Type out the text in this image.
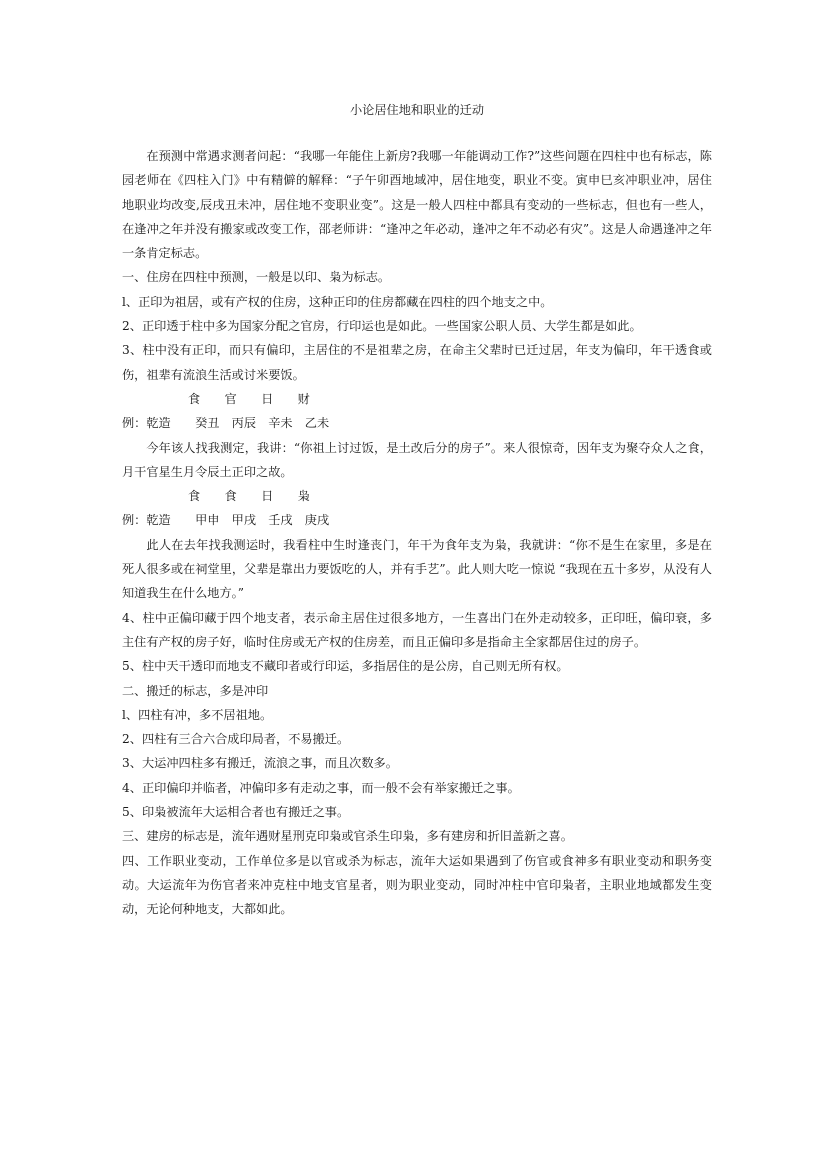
小论居住地和职业的迁动

在预测中常遇求测者问起：“我哪一年能住上新房?我哪一年能调动工作?”这些问题在四柱中也有标志，陈园老师在《四柱入门》中有精僻的解释：“子午卯酉地域冲，居住地变，职业不变。寅申巳亥冲职业冲，居住地职业均改变,辰戌丑未冲，居住地不变职业变”。这是一般人四柱中都具有变动的一些标志，但也有一些人，在逢冲之年并没有搬家或改变工作，邵老师讲：“逢冲之年必动，逢冲之年不动必有灾”。这是人命遇逢冲之年一条肯定标志。

一、住房在四柱中预测，一般是以印、枭为标志。

l、正印为祖居，或有产权的住房，这种正印的住房都藏在四柱的四个地支之中。

2、正印透于柱中多为国家分配之官房，行印运也是如此。一些国家公职人员、大学生都是如此。

3、柱中没有正印，而只有偏印，主居住的不是祖辈之房，在命主父辈时已迁过居，年支为偏印，年干透食或伤，祖辈有流浪生活或讨米要饭。

食　　官　　日　　财

例：乾造　　癸丑　丙辰　辛未　乙未

今年该人找我测定，我讲：“你祖上讨过饭，是土改后分的房子”。来人很惊奇，因年支为聚夺众人之食，月干官星生月令辰土正印之故。

食　　食　　日　　枭

例：乾造　　甲申　甲戌　壬戌　庚戌

此人在去年找我测运时，我看柱中生时逢丧门，年干为食年支为枭，我就讲：“你不是生在家里，多是在死人很多或在祠堂里，父辈是靠出力要饭吃的人，并有手艺”。此人则大吃一惊说 “我现在五十多岁，从没有人知道我生在什么地方。”

4、柱中正偏印藏于四个地支者，表示命主居住过很多地方，一生喜出门在外走动较多，正印旺，偏印衰，多主住有产权的房子好，临时住房或无产权的住房差，而且正偏印多是指命主全家都居住过的房子。

5、柱中天干透印而地支不藏印者或行印运，多指居住的是公房，自己则无所有权。

二、搬迁的标志，多是冲印

l、四柱有冲，多不居祖地。

2、四柱有三合六合成印局者，不易搬迁。

3、大运冲四柱多有搬迁，流浪之事，而且次数多。

4、正印偏印并临者，冲偏印多有走动之事，而一般不会有举家搬迁之事。

5、印枭被流年大运相合者也有搬迁之事。

三、建房的标志是，流年遇财星刑克印枭或官杀生印枭，多有建房和折旧盖新之喜。

四、工作职业变动，工作单位多是以官或杀为标志，流年大运如果遇到了伤官或食神多有职业变动和职务变动。大运流年为伤官者来冲克柱中地支官星者，则为职业变动，同时冲柱中官印枭者，主职业地域都发生变动，无论何种地支，大都如此。
